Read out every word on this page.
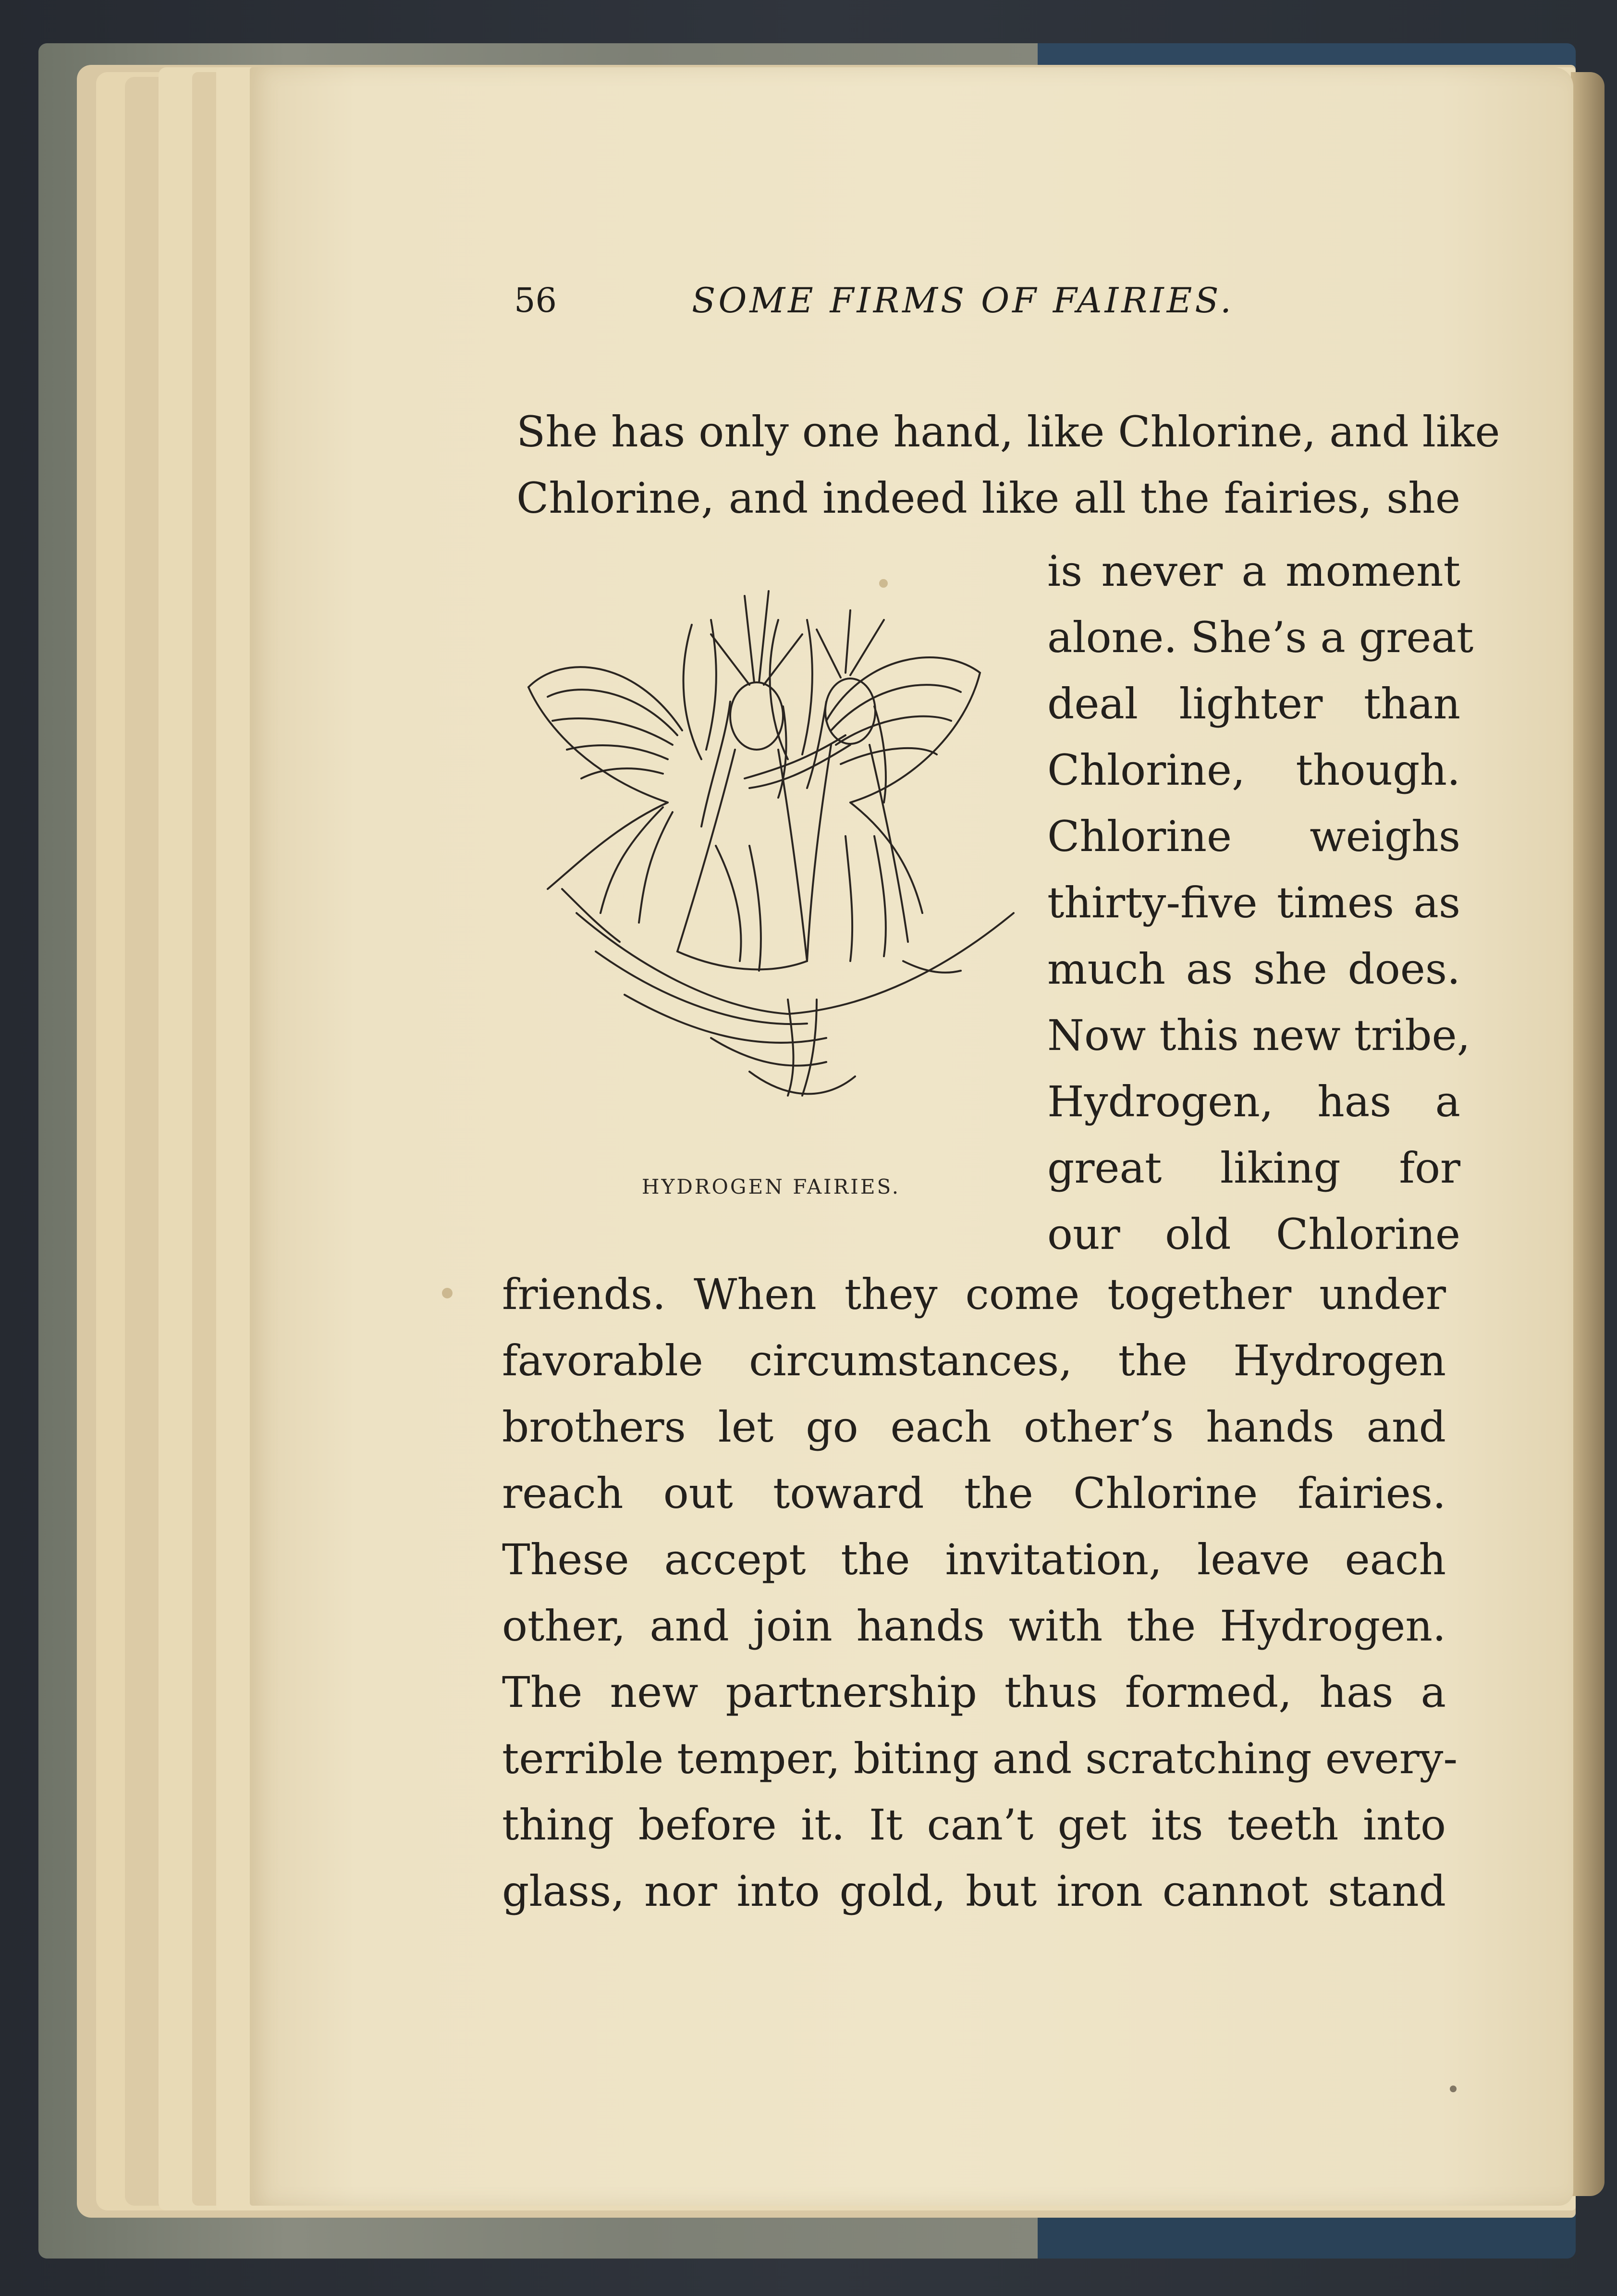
56	SOME FIRMS OF FAIRIES.
She has only one hand, like Chlorine, and like
Chlorine, and indeed like all the fairies, she
is never a moment
alone. She’s a great
deal lighter than
Chlorine, though.
Chlorine weighs
thirty-five times as
much as she does.
Now this new tribe,
Hydrogen, has a
great liking for
our old Chlorine
HYDROGEN FAIRIES.
friends. When they come together under
favorable circumstances, the Hydrogen
brothers let go each other’s hands and
reach out toward the Chlorine fairies.
These accept the invitation, leave each
other, and join hands with the Hydrogen.
The new partnership thus formed, has a
terrible temper, biting and scratching every-
thing before it. It can’t get its teeth into
glass, nor into gold, but iron cannot stand
